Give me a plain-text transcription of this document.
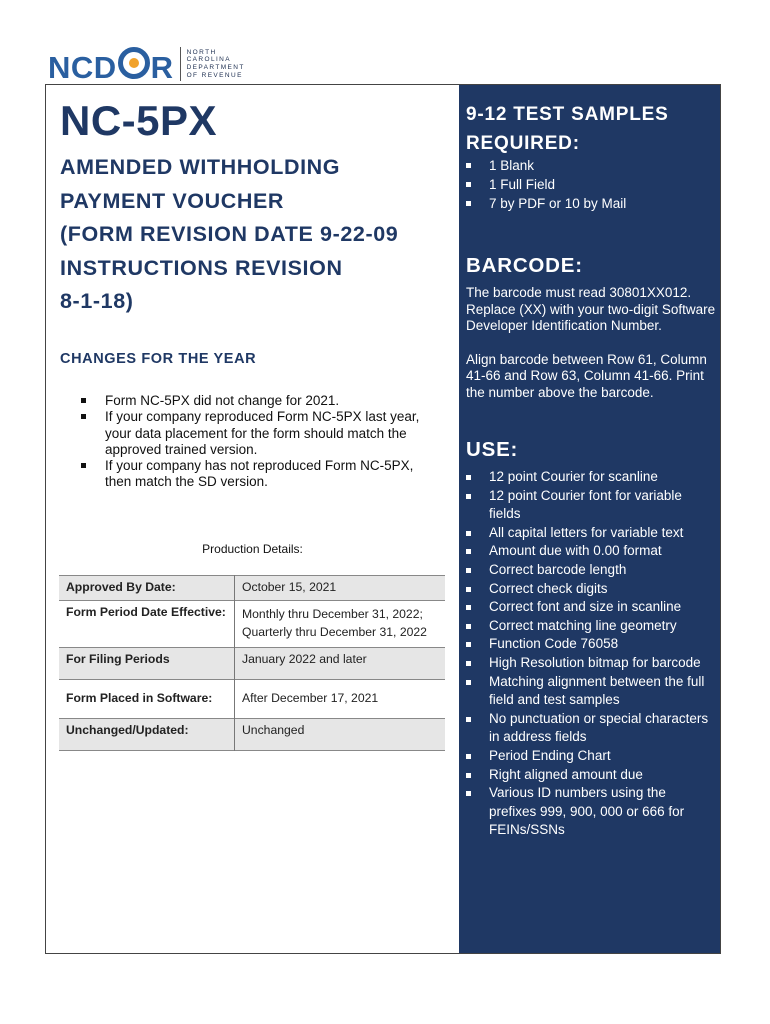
NCD R NORTH
CAROLINA
DEPARTMENT
OF REVENUE
NC-5PX
AMENDED WITHHOLDING
PAYMENT VOUCHER
(FORM REVISION DATE 9-22-09
INSTRUCTIONS REVISION
8-1-18)
CHANGES FOR THE YEAR
Form NC-5PX did not change for 2021.
If your company reproduced Form NC-5PX last year, your data placement for the form should match the approved trained version.
If your company has not reproduced Form NC-5PX, then match the SD version.

Production Details:

Approved By Date:	October 15, 2021
Form Period Date Effective:	Monthly thru December 31, 2022; Quarterly thru December 31, 2022
For Filing Periods	January 2022 and later
Form Placed in Software:	After December 17, 2021
Unchanged/Updated:	Unchanged
9-12 TEST SAMPLES
REQUIRED:
1 Blank
1 Full Field
7 by PDF or 10 by Mail
BARCODE:

The barcode must read 30801XX012. Replace (XX) with your two-digit Software Developer Identification Number.

Align barcode between Row 61, Column 41-66 and Row 63, Column 41-66. Print the number above the barcode.

USE:
12 point Courier for scanline
12 point Courier font for variable fields
All capital letters for variable text
Amount due with 0.00 format
Correct barcode length
Correct check digits
Correct font and size in scanline
Correct matching line geometry
Function Code 76058
High Resolution bitmap for barcode
Matching alignment between the full field and test samples
No punctuation or special characters in address fields
Period Ending Chart
Right aligned amount due
Various ID numbers using the prefixes 999, 900, 000 or 666 for FEINs/SSNs
